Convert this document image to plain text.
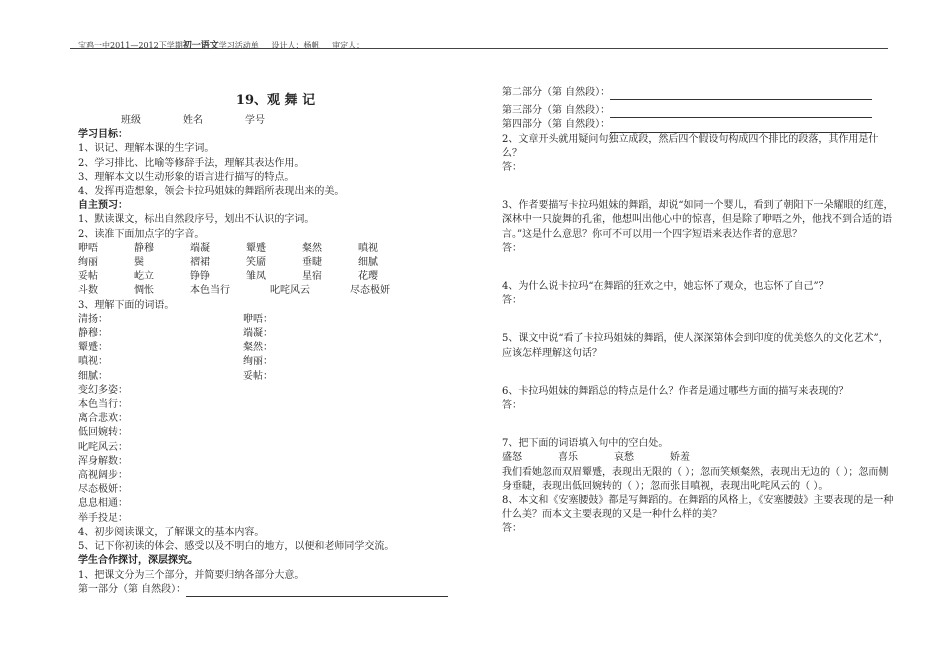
宝鸡一中2011—2012下学期初一语文学习活动单 设计人：杨帆 审定人：
19、观 舞 记
班级	姓名	学号
学习目标：
1、识记、理解本课的生字词。
2、学习排比、比喻等修辞手法，理解其表达作用。
3、理解本文以生动形象的语言进行描写的特点。
4、发挥再造想象，领会卡拉玛姐妹的舞蹈所表现出来的美。
自主预习：
1、默读课文，标出自然段序号，划出不认识的字词。
2、读准下面加点字的字音。
咿唔	静穆	端凝	颦蹙	粲然	嗔视
绚丽	鬓	褶裙	笑靥	垂睫	细腻
妥帖	屹立	铮铮	雏凤	星宿	花璎
斗数	惆怅	本色当行	叱咤风云	尽态极妍
3、理解下面的词语。
清扬：	咿唔：
静穆：	端凝：
颦蹙：	粲然：
嗔视：	绚丽：
细腻：	妥帖：
变幻多姿：
本色当行：
离合悲欢：
低回婉转：
叱咤风云：
浑身解数：
高视阔步：
尽态极妍：
息息相通：
举手投足：
4、初步阅读课文，了解课文的基本内容。
5、记下你初读的体会、感受以及不明白的地方，以便和老师同学交流。
学生合作探讨，深层探究。
1、把课文分为三个部分，并简要归纳各部分大意。
第一部分（第 自然段）：
第二部分（第 自然段）：
第三部分（第 自然段）：
第四部分（第 自然段）：
2、文章开头就用疑问句独立成段，然后四个假设句构成四个排比的段落，其作用是什么？
答：
3、作者要描写卡拉玛姐妹的舞蹈，却说“如同一个婴儿，看到了朝阳下一朵耀眼的红莲，深林中一只旋舞的孔雀，他想叫出他心中的惊喜，但是除了咿唔之外，他找不到合适的语言。”这是什么意思？你可不可以用一个四字短语来表达作者的意思？
答：
4、为什么说卡拉玛“在舞蹈的狂欢之中，她忘怀了观众，也忘怀了自己”？
答：
5、课文中说“看了卡拉玛姐妹的舞蹈，使人深深第体会到印度的优美悠久的文化艺术”，应该怎样理解这句话？
6、卡拉玛姐妹的舞蹈总的特点是什么？作者是通过哪些方面的描写来表现的？
答：
7、把下面的词语填入句中的空白处。
盛怒	喜乐	哀愁	娇羞
我们看她忽而双眉颦蹙，表现出无限的（ ）；忽而笑颊粲然，表现出无边的（ ）；忽而侧身垂睫，表现出低回婉转的（ ）；忽而张目嗔视，表现出叱咤风云的（ ）。
8、本文和《安塞腰鼓》都是写舞蹈的。在舞蹈的风格上，《安塞腰鼓》主要表现的是一种什么美？而本文主要表现的又是一种什么样的美？
答：
